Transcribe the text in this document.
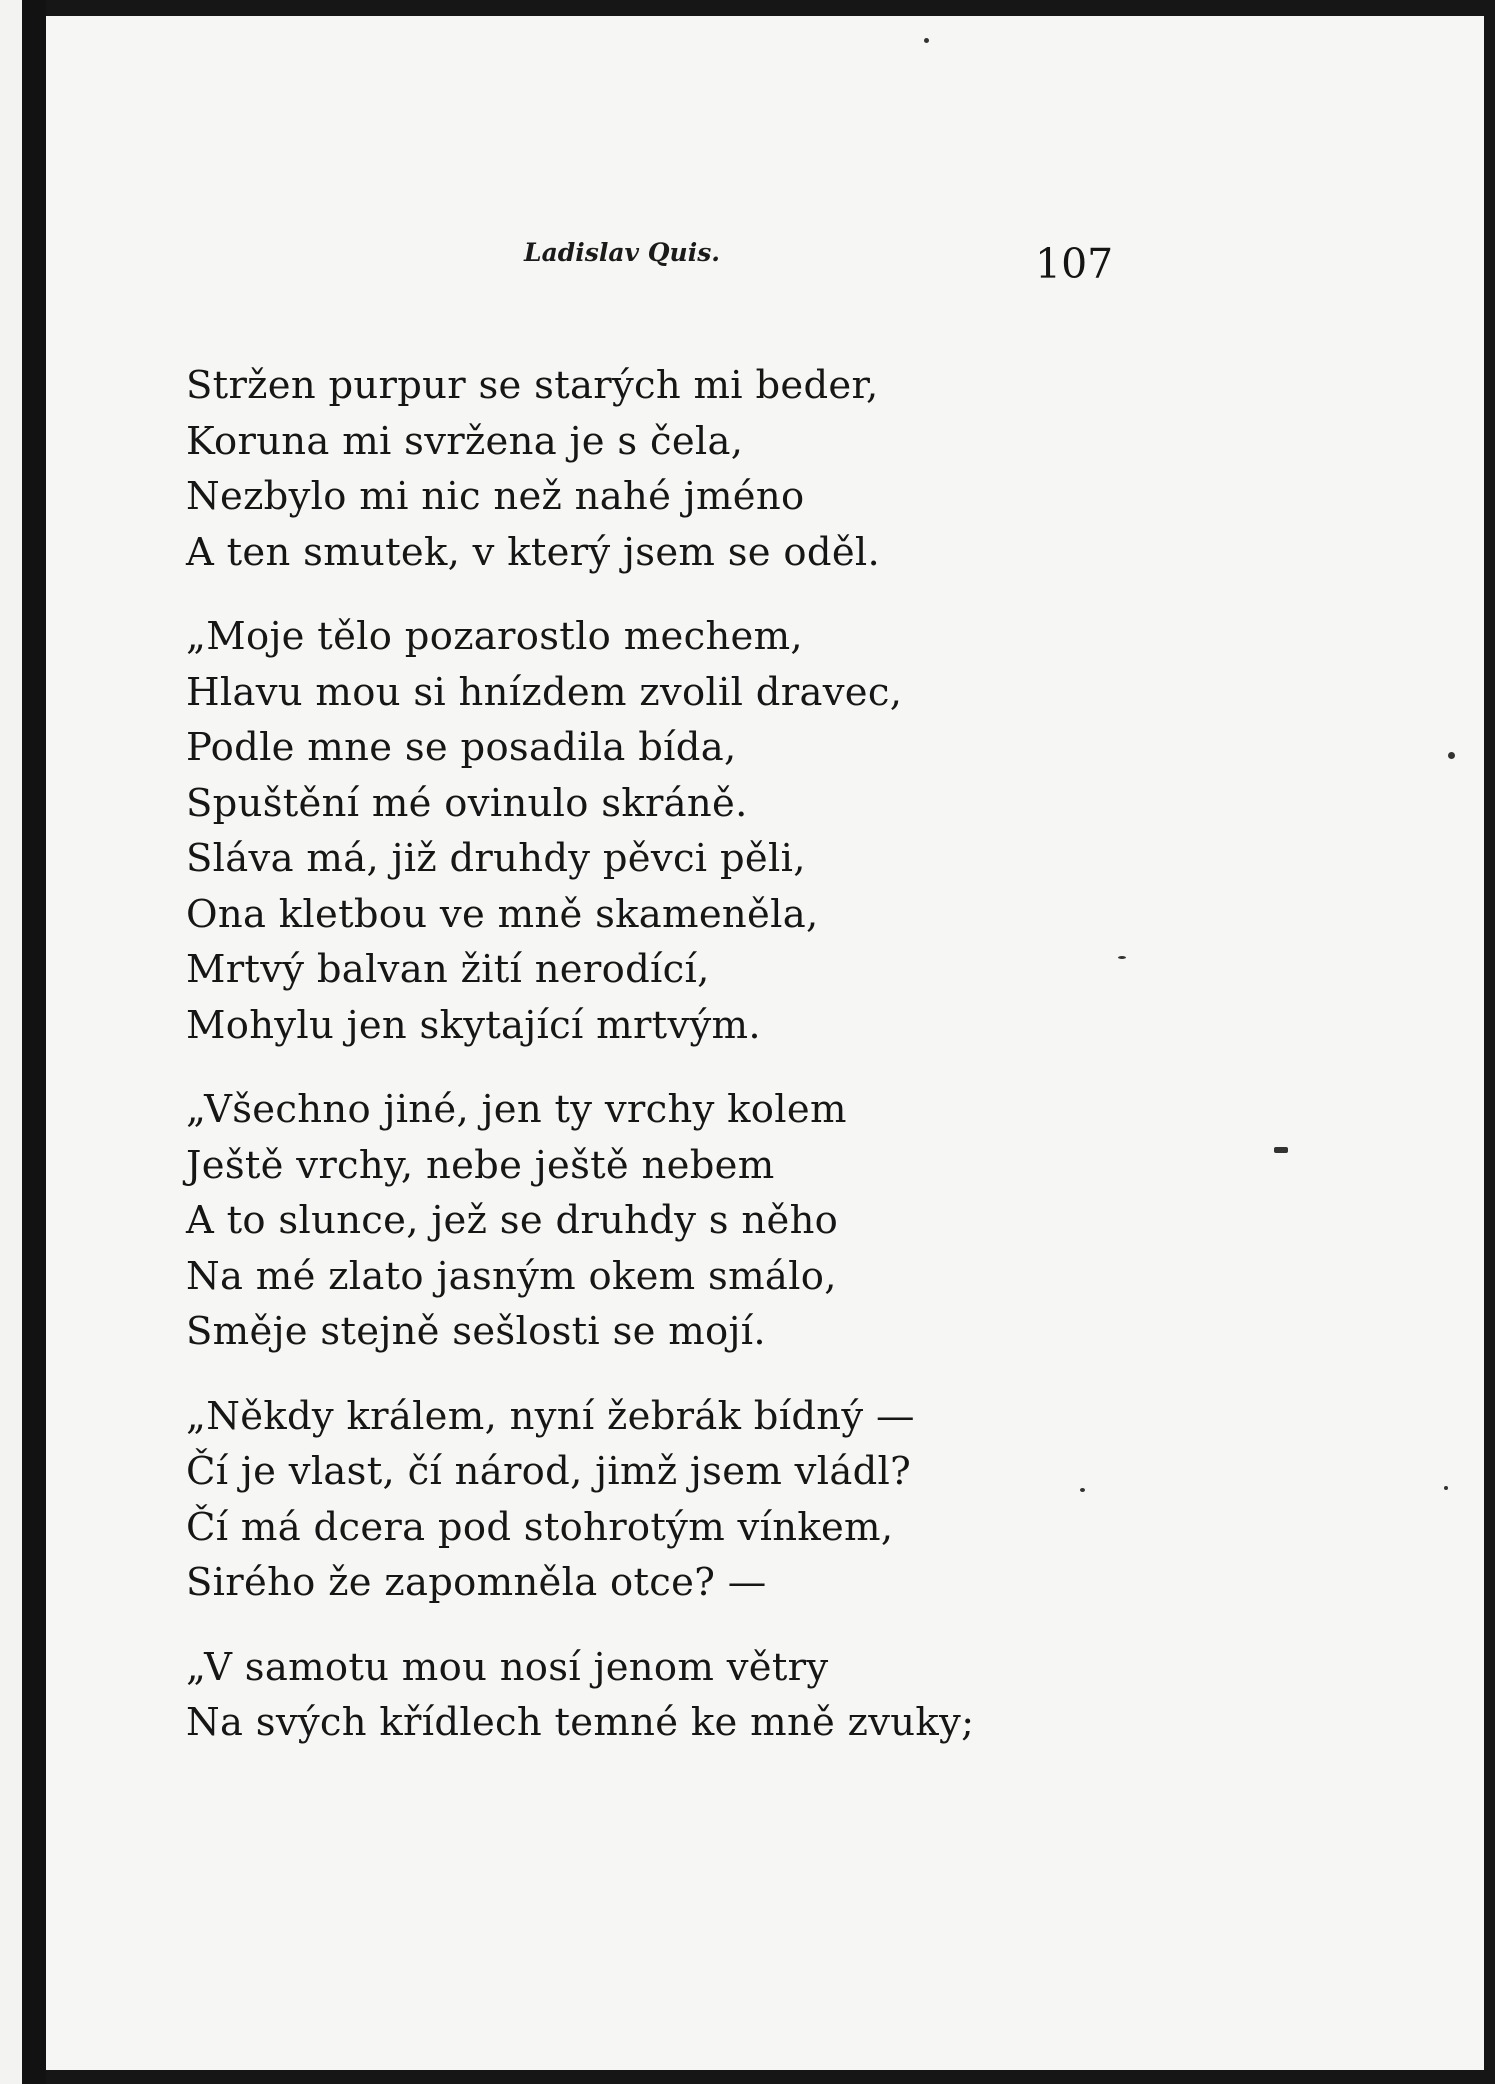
Ladislav Quis.	107
Stržen purpur se starých mi beder,
Koruna mi svržena je s čela,
Nezbylo mi nic než nahé jméno
A ten smutek, v který jsem se oděl.
„Moje tělo pozarostlo mechem,
Hlavu mou si hnízdem zvolil dravec,
Podle mne se posadila bída,
Spuštění mé ovinulo skráně.
Sláva má, již druhdy pěvci pěli,
Ona kletbou ve mně skameněla,
Mrtvý balvan žití nerodící,
Mohylu jen skytající mrtvým.
„Všechno jiné, jen ty vrchy kolem
Ještě vrchy, nebe ještě nebem
A to slunce, jež se druhdy s něho
Na mé zlato jasným okem smálo,
Směje stejně sešlosti se mojí.
„Někdy králem, nyní žebrák bídný —
Čí je vlast, čí národ, jimž jsem vládl?
Čí má dcera pod stohrotým vínkem,
Sirého že zapomněla otce? —
„V samotu mou nosí jenom větry
Na svých křídlech temné ke mně zvuky;
